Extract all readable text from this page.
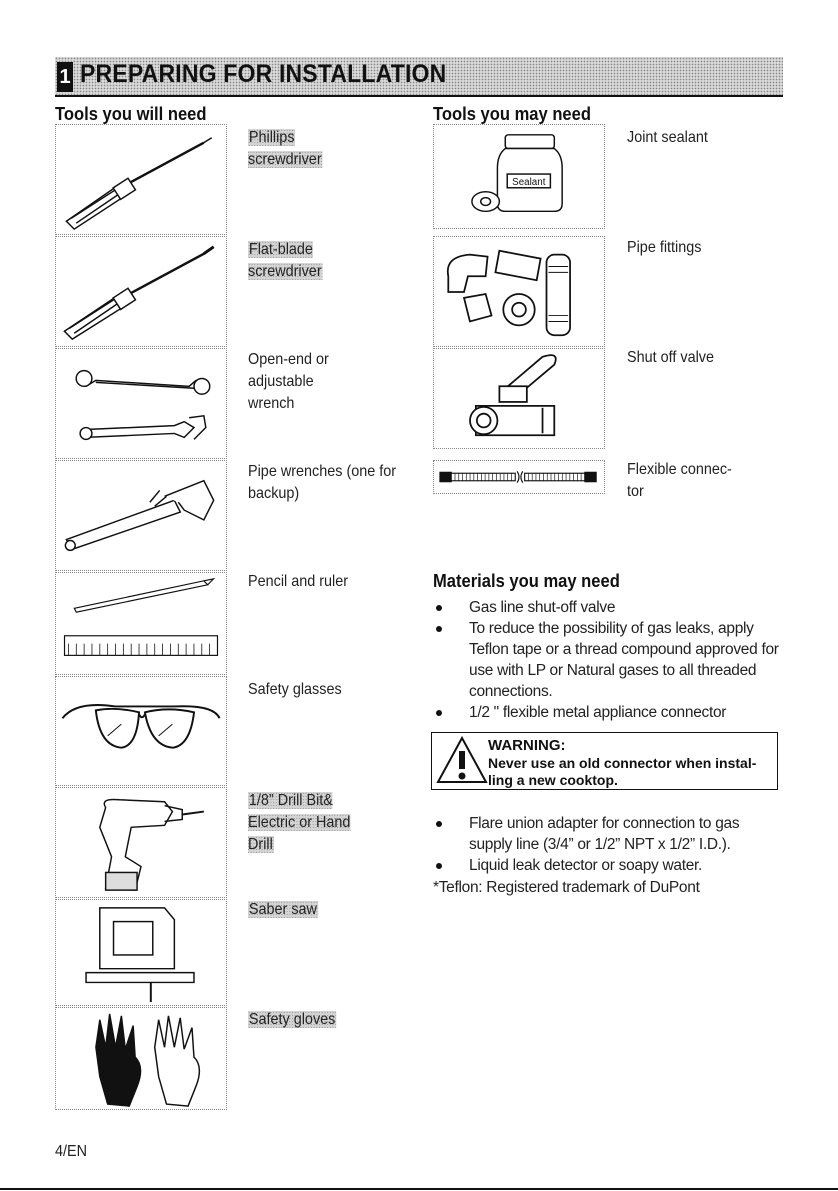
1 PREPARING FOR INSTALLATION
Tools you will need	Tools you may need
Phillips screwdriver
Flat-blade screwdriver
Open-end or adjustable wrench
Pipe wrenches (one for backup)
Pencil and ruler
Safety glasses
1/8” Drill Bit& Electric or Hand Drill
Saber saw
Safety gloves
Sealant
Joint sealant
Pipe fittings
Shut off valve
Flexible connec- tor
Materials you may need
Gas line shut-off valve
To reduce the possibility of gas leaks, apply Teflon tape or a thread compound approved for use with LP or Natural gases to all threaded connections.
1/2 " flexible metal appliance connector
WARNING:
Never use an old connector when instal- ling a new cooktop.
Flare union adapter for connection to gas supply line (3/4” or 1/2” NPT x 1/2” I.D.).
Liquid leak detector or soapy water.
*Teflon: Registered trademark of DuPont
4/EN
